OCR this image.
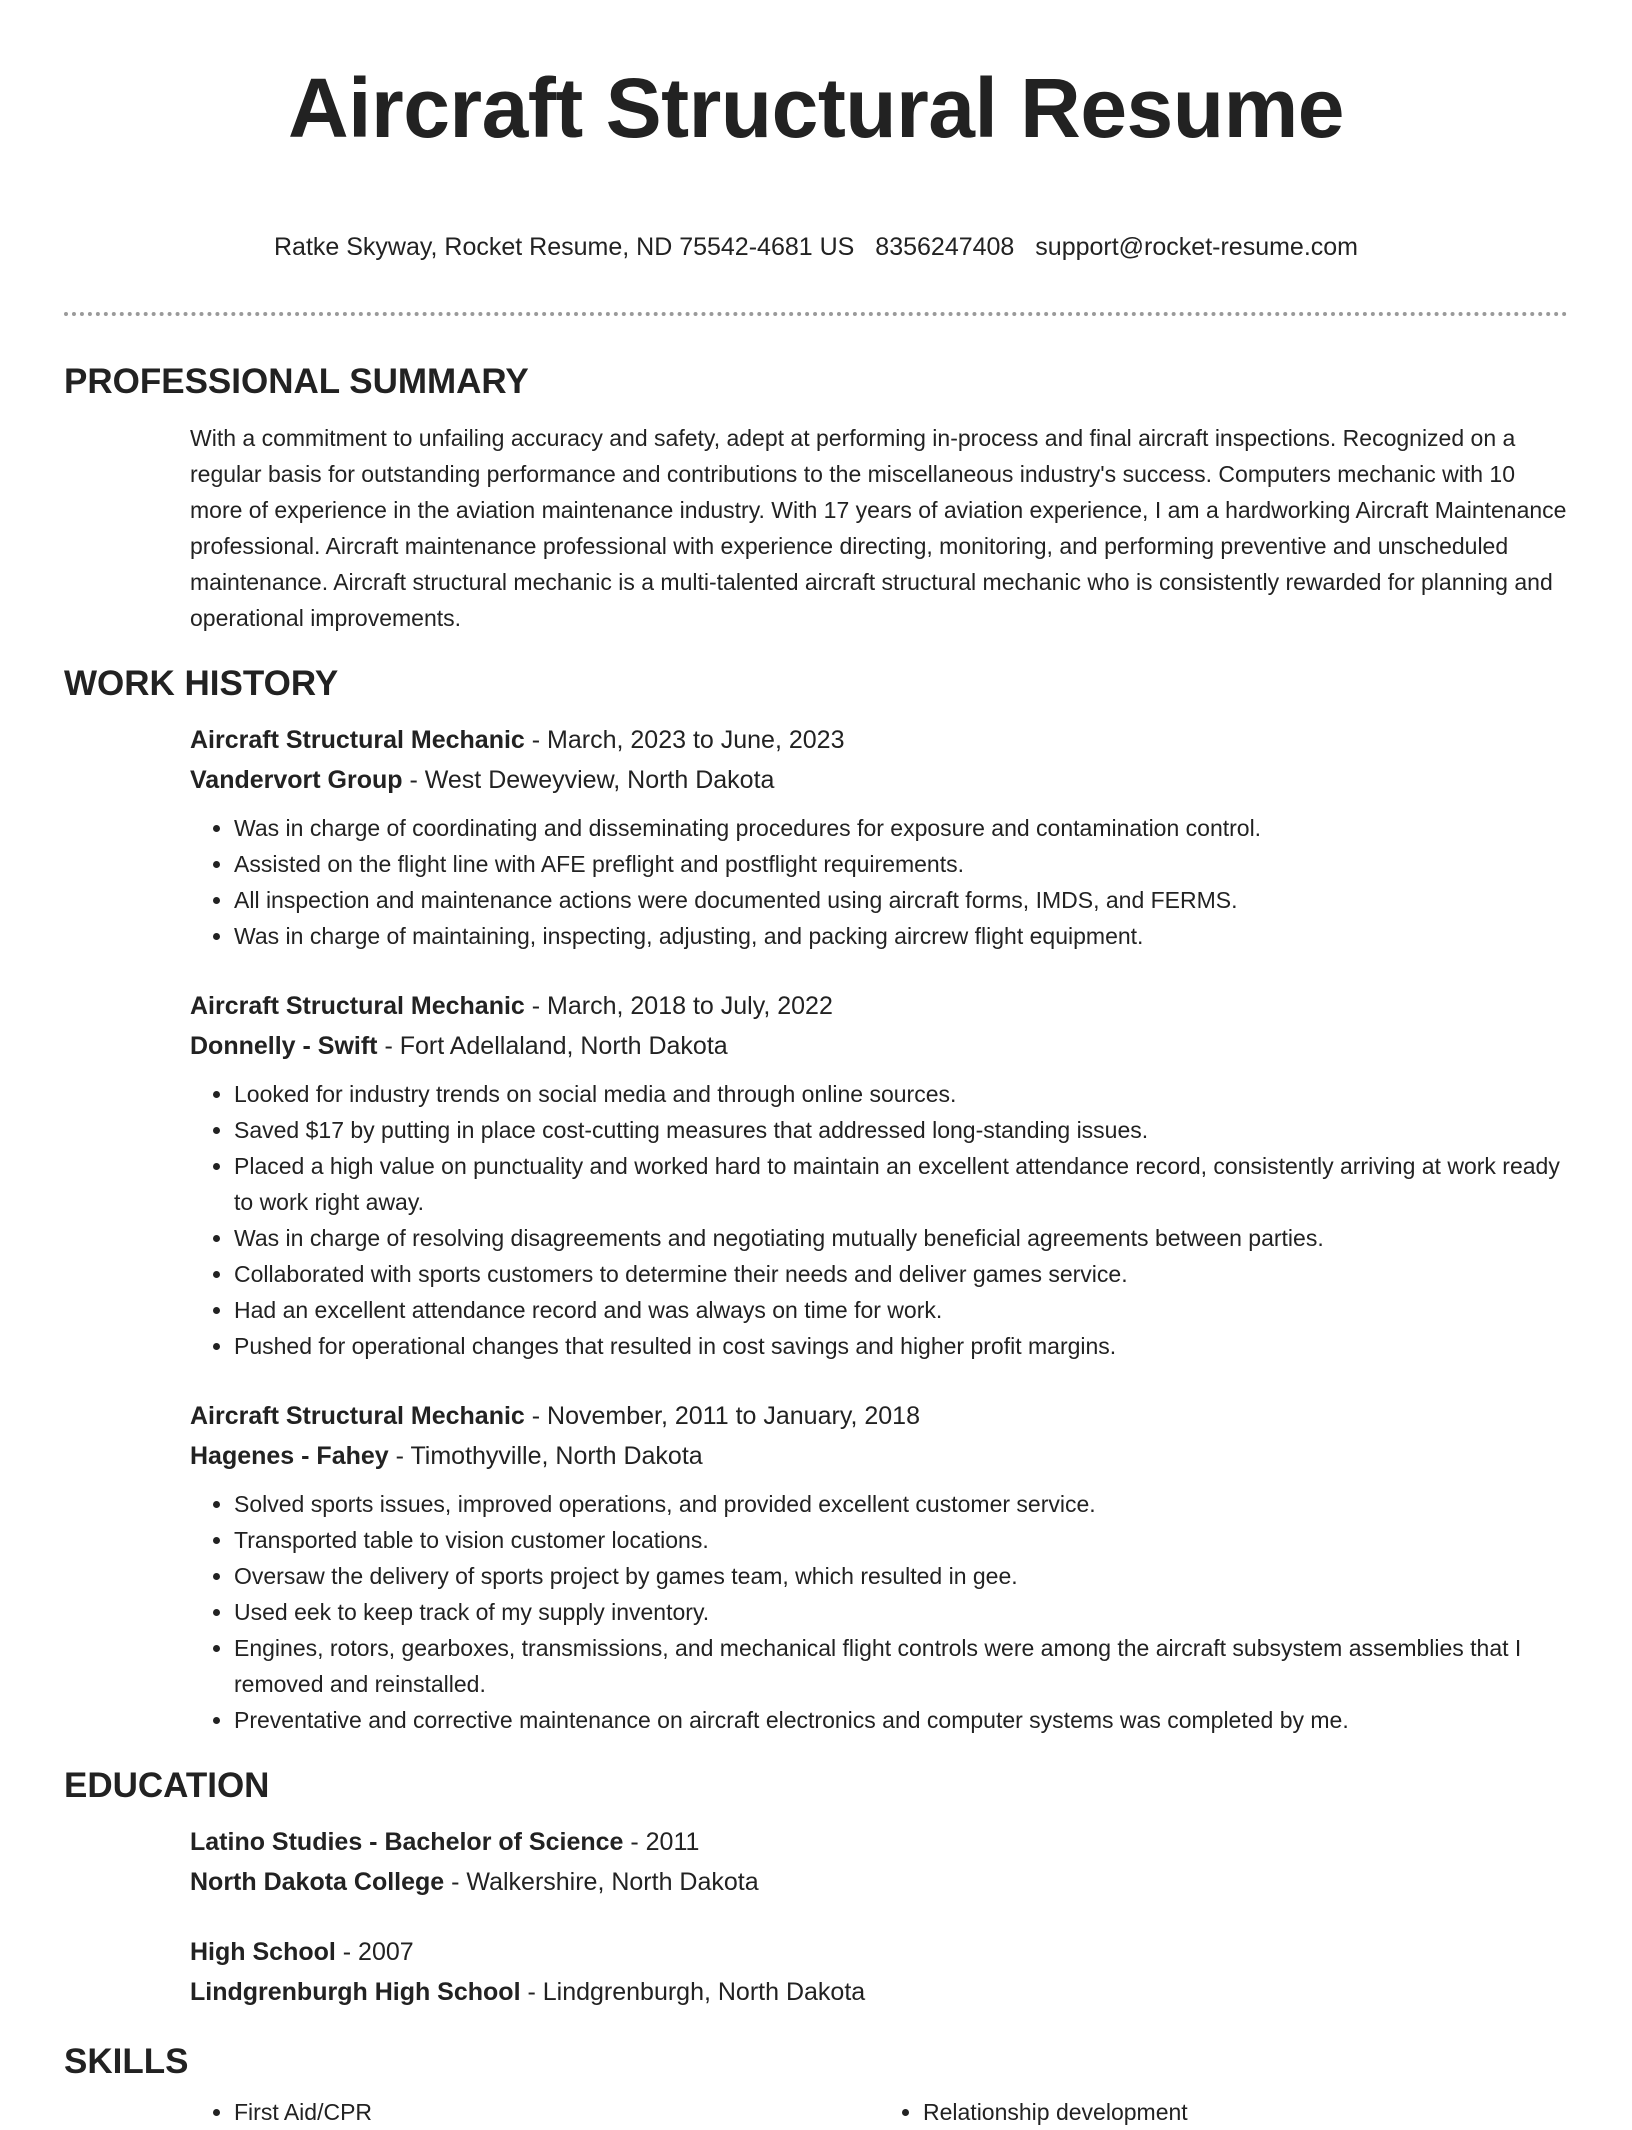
Aircraft Structural Resume
Ratke Skyway, Rocket Resume, ND 75542-4681 US 8356247408 support@rocket-resume.com
PROFESSIONAL SUMMARY

With a commitment to unfailing accuracy and safety, adept at performing in-process and final aircraft inspections. Recognized on a regular basis for outstanding performance and contributions to the miscellaneous industry's success. Computers mechanic with 10 more of experience in the aviation maintenance industry. With 17 years of aviation experience, I am a hardworking Aircraft Maintenance professional. Aircraft maintenance professional with experience directing, monitoring, and performing preventive and unscheduled maintenance. Aircraft structural mechanic is a multi-talented aircraft structural mechanic who is consistently rewarded for planning and operational improvements.

WORK HISTORY
Aircraft Structural Mechanic - March, 2023 to June, 2023
Vandervort Group - West Deweyview, North Dakota
• Was in charge of coordinating and disseminating procedures for exposure and contamination control.
• Assisted on the flight line with AFE preflight and postflight requirements.
• All inspection and maintenance actions were documented using aircraft forms, IMDS, and FERMS.
• Was in charge of maintaining, inspecting, adjusting, and packing aircrew flight equipment.
Aircraft Structural Mechanic - March, 2018 to July, 2022
Donnelly - Swift - Fort Adellaland, North Dakota
• Looked for industry trends on social media and through online sources.
• Saved $17 by putting in place cost-cutting measures that addressed long-standing issues.
• Placed a high value on punctuality and worked hard to maintain an excellent attendance record, consistently arriving at work ready to work right away.
• Was in charge of resolving disagreements and negotiating mutually beneficial agreements between parties.
• Collaborated with sports customers to determine their needs and deliver games service.
• Had an excellent attendance record and was always on time for work.
• Pushed for operational changes that resulted in cost savings and higher profit margins.
Aircraft Structural Mechanic - November, 2011 to January, 2018
Hagenes - Fahey - Timothyville, North Dakota
• Solved sports issues, improved operations, and provided excellent customer service.
• Transported table to vision customer locations.
• Oversaw the delivery of sports project by games team, which resulted in gee.
• Used eek to keep track of my supply inventory.
• Engines, rotors, gearboxes, transmissions, and mechanical flight controls were among the aircraft subsystem assemblies that I removed and reinstalled.
• Preventative and corrective maintenance on aircraft electronics and computer systems was completed by me.
EDUCATION
Latino Studies - Bachelor of Science - 2011
North Dakota College - Walkershire, North Dakota
High School - 2007
Lindgrenburgh High School - Lindgrenburgh, North Dakota
SKILLS
• First Aid/CPR
•	Relationship development
